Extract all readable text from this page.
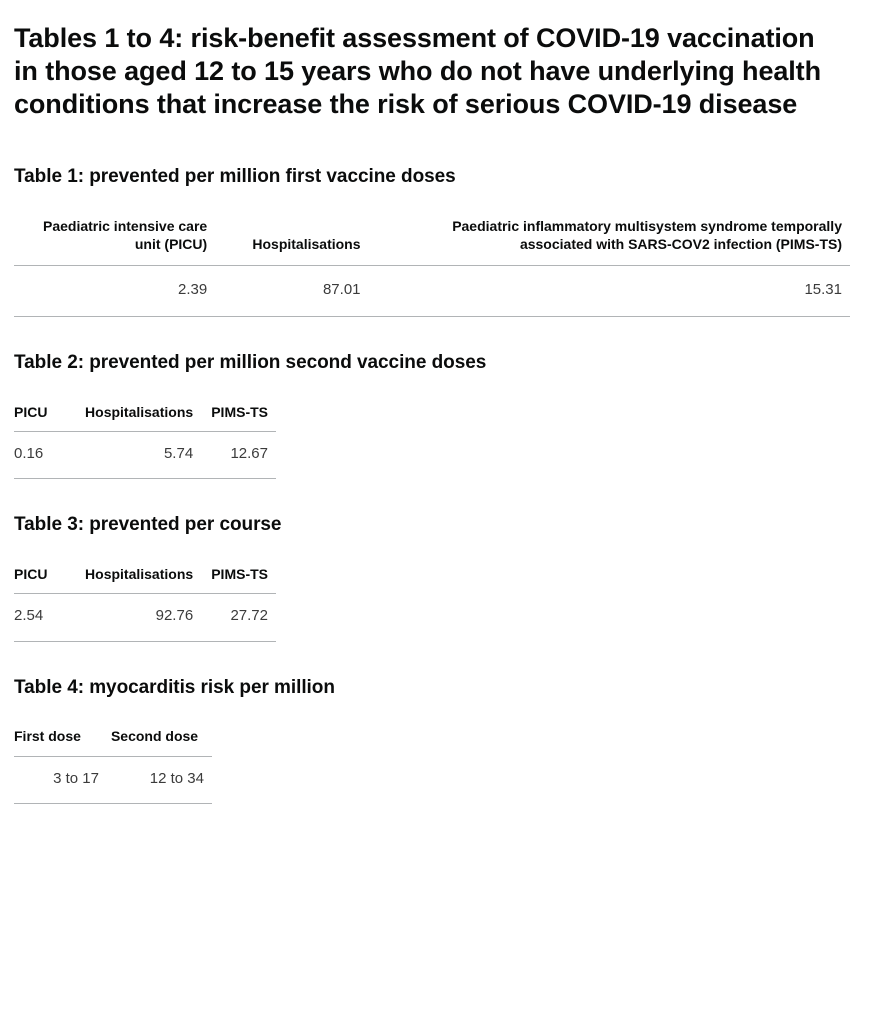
Tables 1 to 4: risk-benefit assessment of COVID-19 vaccination in those aged 12 to 15 years who do not have underlying health conditions that increase the risk of serious COVID-19 disease
Table 1: prevented per million first vaccine doses
Paediatric intensive care unit (PICU)	Hospitalisations	Paediatric inflammatory multisystem syndrome temporally associated with SARS-COV2 infection (PIMS-TS)
2.39	87.01	15.31
Table 2: prevented per million second vaccine doses
PICU	Hospitalisations	PIMS-TS
0.16	5.74	12.67
Table 3: prevented per course
PICU	Hospitalisations	PIMS-TS
2.54	92.76	27.72
Table 4: myocarditis risk per million
First dose	Second dose
3 to 17	12 to 34
